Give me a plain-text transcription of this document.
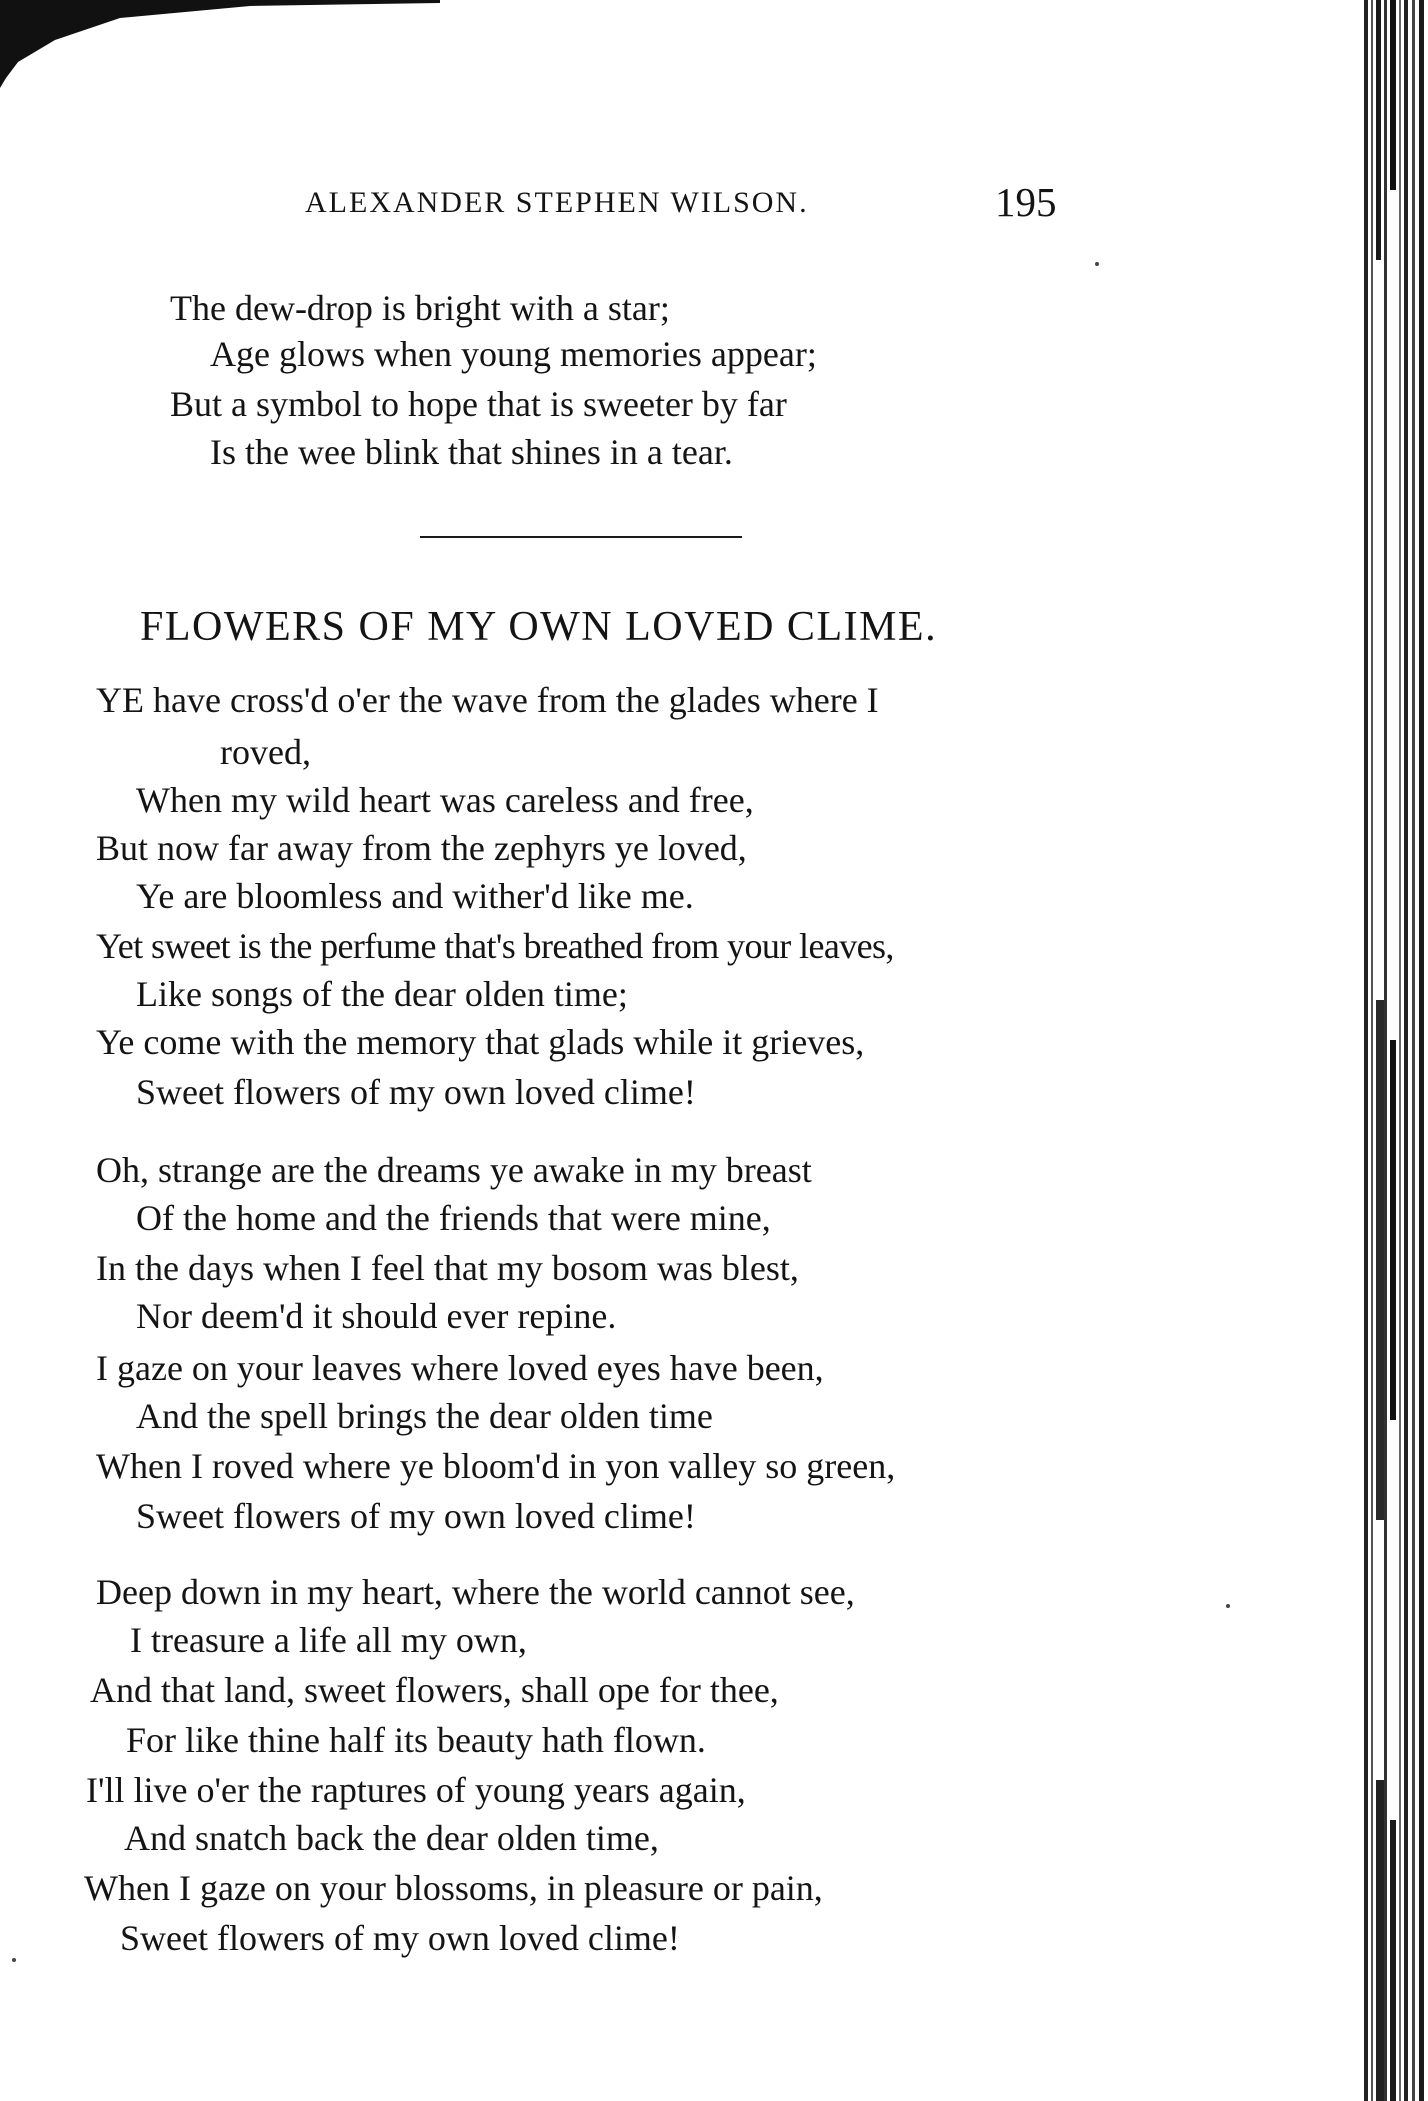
ALEXANDER STEPHEN WILSON.	195
The dew-drop is bright with a star;
Age glows when young memories appear;
But a symbol to hope that is sweeter by far
Is the wee blink that shines in a tear.
FLOWERS OF MY OWN LOVED CLIME.
YE have cross'd o'er the wave from the glades where I
roved,
When my wild heart was careless and free,
But now far away from the zephyrs ye loved,
Ye are bloomless and wither'd like me.
Yet sweet is the perfume that's breathed from your leaves,
Like songs of the dear olden time;
Ye come with the memory that glads while it grieves,
Sweet flowers of my own loved clime!
Oh, strange are the dreams ye awake in my breast
Of the home and the friends that were mine,
In the days when I feel that my bosom was blest,
Nor deem'd it should ever repine.
I gaze on your leaves where loved eyes have been,
And the spell brings the dear olden time
When I roved where ye bloom'd in yon valley so green,
Sweet flowers of my own loved clime!
Deep down in my heart, where the world cannot see,
I treasure a life all my own,
And that land, sweet flowers, shall ope for thee,
For like thine half its beauty hath flown.
I'll live o'er the raptures of young years again,
And snatch back the dear olden time,
When I gaze on your blossoms, in pleasure or pain,
Sweet flowers of my own loved clime!
